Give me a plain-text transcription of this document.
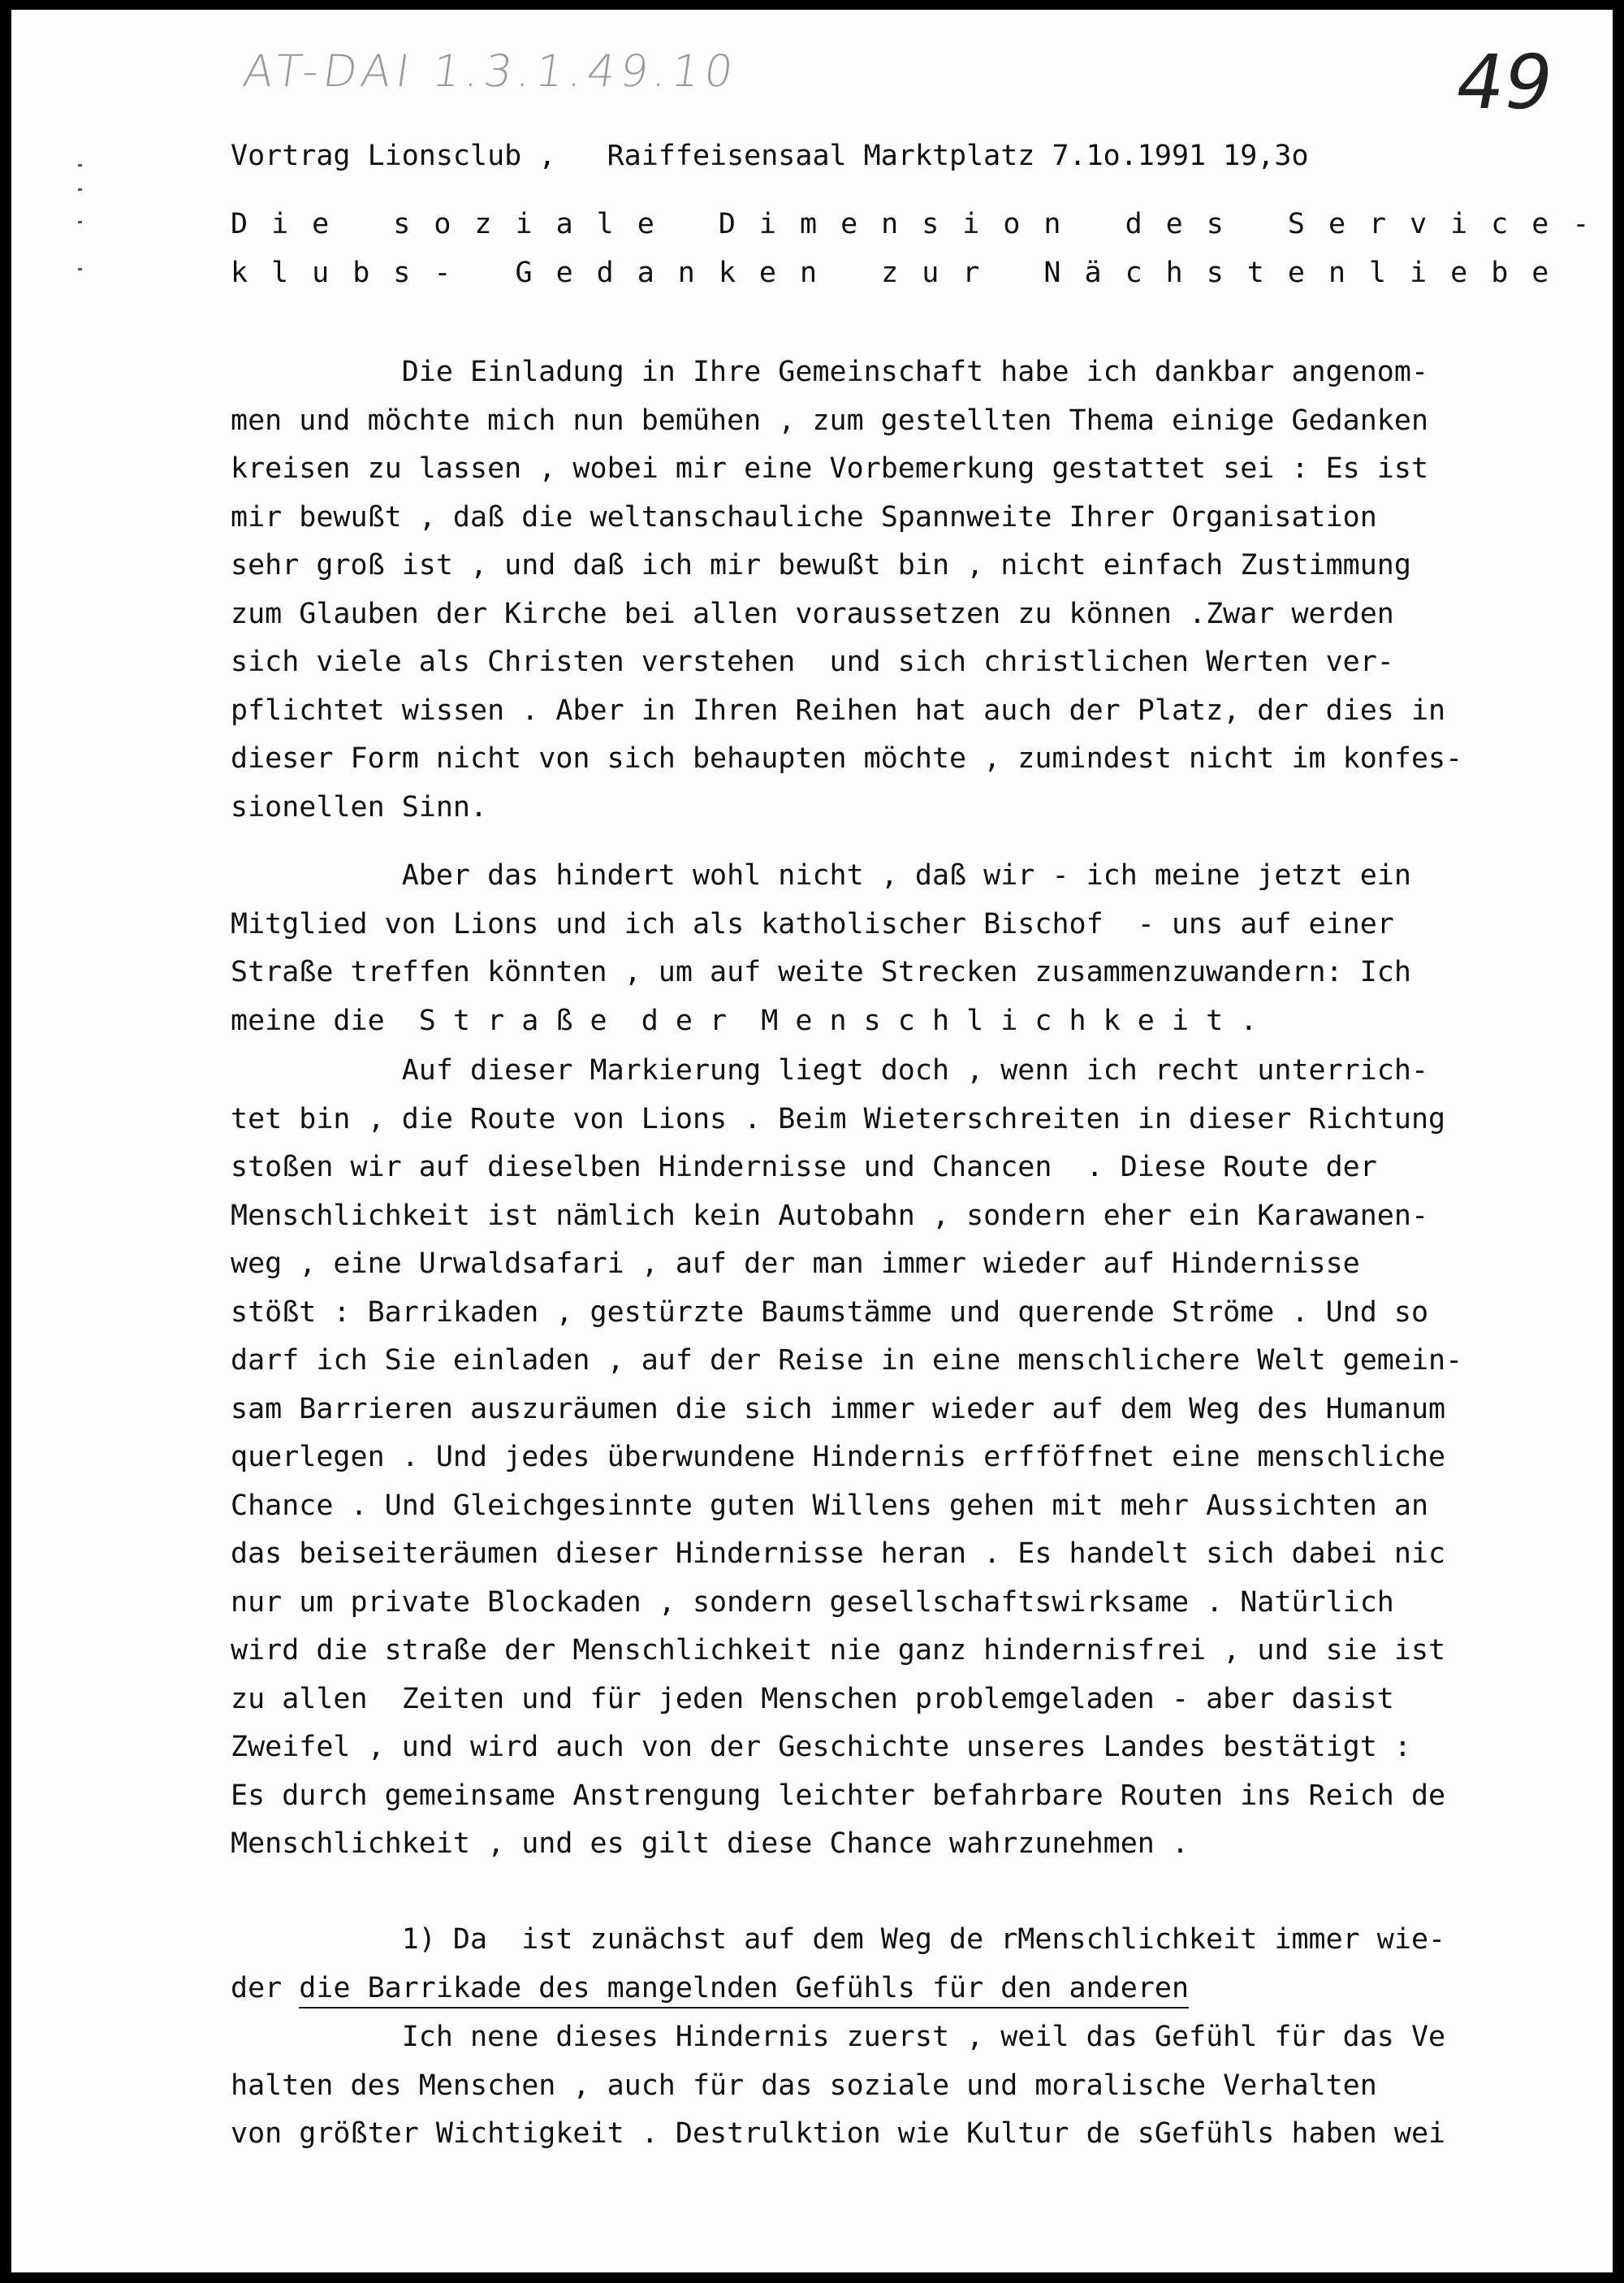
AT-DAI 1.3.1.49.10	49

Vortrag Lionsclub ,   Raiffeisensaal Marktplatz 7.1o.1991 19,3o

Die soziale Dimension des Service-

klubs- Gedanken zur Nächstenliebe

Die Einladung in Ihre Gemeinschaft habe ich dankbar angenom-
men und möchte mich nun bemühen , zum gestellten Thema einige Gedanken
kreisen zu lassen , wobei mir eine Vorbemerkung gestattet sei : Es ist
mir bewußt , daß die weltanschauliche Spannweite Ihrer Organisation
sehr groß ist , und daß ich mir bewußt bin , nicht einfach Zustimmung
zum Glauben der Kirche bei allen voraussetzen zu können .Zwar werden
sich viele als Christen verstehen  und sich christlichen Werten ver-
pflichtet wissen . Aber in Ihren Reihen hat auch der Platz, der dies in
dieser Form nicht von sich behaupten möchte , zumindest nicht im konfes-
sionellen Sinn.
Aber das hindert wohl nicht , daß wir - ich meine jetzt ein
Mitglied von Lions und ich als katholischer Bischof  - uns auf einer
Straße treffen könnten , um auf weite Strecken zusammenzuwandern: Ich
meine die  S t r a ß e  d e r  M e n s c h l i c h k e i t .
Auf dieser Markierung liegt doch , wenn ich recht unterrich-
tet bin , die Route von Lions . Beim Wieterschreiten in dieser Richtung
stoßen wir auf dieselben Hindernisse und Chancen  . Diese Route der
Menschlichkeit ist nämlich kein Autobahn , sondern eher ein Karawanen-
weg , eine Urwaldsafari , auf der man immer wieder auf Hindernisse
stößt : Barrikaden , gestürzte Baumstämme und querende Ströme . Und so
darf ich Sie einladen , auf der Reise in eine menschlichere Welt gemein-
sam Barrieren auszuräumen die sich immer wieder auf dem Weg des Humanum
querlegen . Und jedes überwundene Hindernis erfföffnet eine menschliche
Chance . Und Gleichgesinnte guten Willens gehen mit mehr Aussichten an
das beiseiteräumen dieser Hindernisse heran . Es handelt sich dabei nic
nur um private Blockaden , sondern gesellschaftswirksame . Natürlich
wird die straße der Menschlichkeit nie ganz hindernisfrei , und sie ist
zu allen  Zeiten und für jeden Menschen problemgeladen - aber dasist
Zweifel , und wird auch von der Geschichte unseres Landes bestätigt :
Es durch gemeinsame Anstrengung leichter befahrbare Routen ins Reich de
Menschlichkeit , und es gilt diese Chance wahrzunehmen .
Ich nene dieses Hindernis zuerst , weil das Gefühl für das Ve
halten des Menschen , auch für das soziale und moralische Verhalten
von größter Wichtigkeit . Destrulktion wie Kultur de sGefühls haben wei

1) Da  ist zunächst auf dem Weg de rMenschlichkeit immer wie-

der die Barrikade des mangelnden Gefühls für den anderen
